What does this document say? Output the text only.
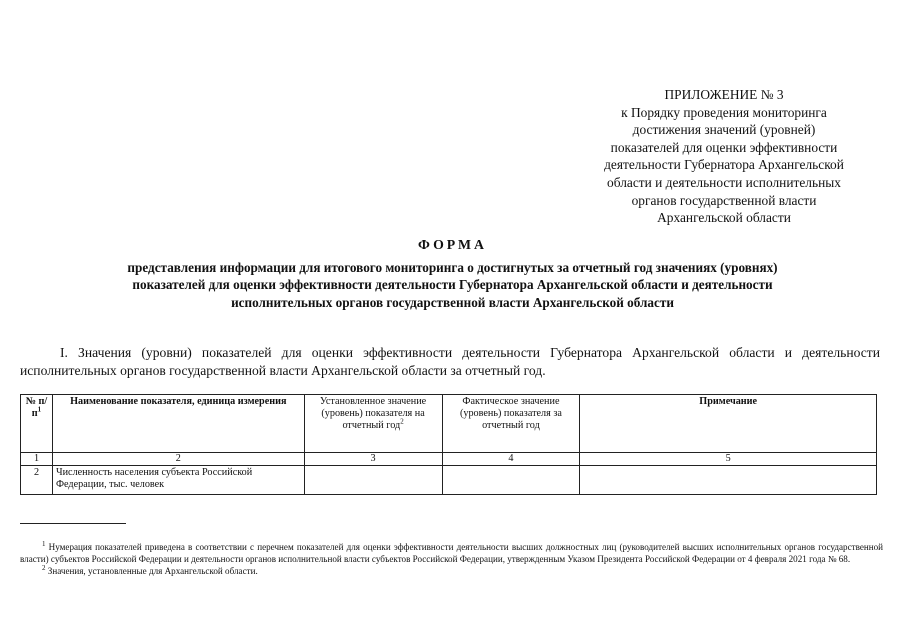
ПРИЛОЖЕНИЕ № 3
к Порядку проведения мониторинга
достижения значений (уровней)
показателей для оценки эффективности
деятельности Губернатора Архангельской
области и деятельности исполнительных
органов государственной власти
Архангельской области
ФОРМА
представления информации для итогового мониторинга о достигнутых за отчетный год значениях (уровнях)
показателей для оценки эффективности деятельности Губернатора Архангельской области и деятельности
исполнительных органов государственной власти Архангельской области
I. Значения (уровни) показателей для оценки эффективности деятельности Губернатора Архангельской области и деятельности исполнительных органов государственной власти Архангельской области за отчетный год.
№ $п/п^1$	Наименование показателя, единица измерения	Установленное значение (уровень) показателя на отчетный год$^2$	Фактическое значение (уровень) показателя за отчетный год	Примечание
1	2	3	4	5
2	Численность населения субъекта Российской Федерации, тыс. человек			

$^1$ Нумерация показателей приведена в соответствии с перечнем показателей для оценки эффективности деятельности высших должностных лиц (руководителей высших исполнительных органов государственной власти) субъектов Российской Федерации и деятельности органов исполнительной власти субъектов Российской Федерации, утвержденным Указом Президента Российской Федерации от 4 февраля 2021 года № 68.

$^2$ Значения, установленные для Архангельской области.
